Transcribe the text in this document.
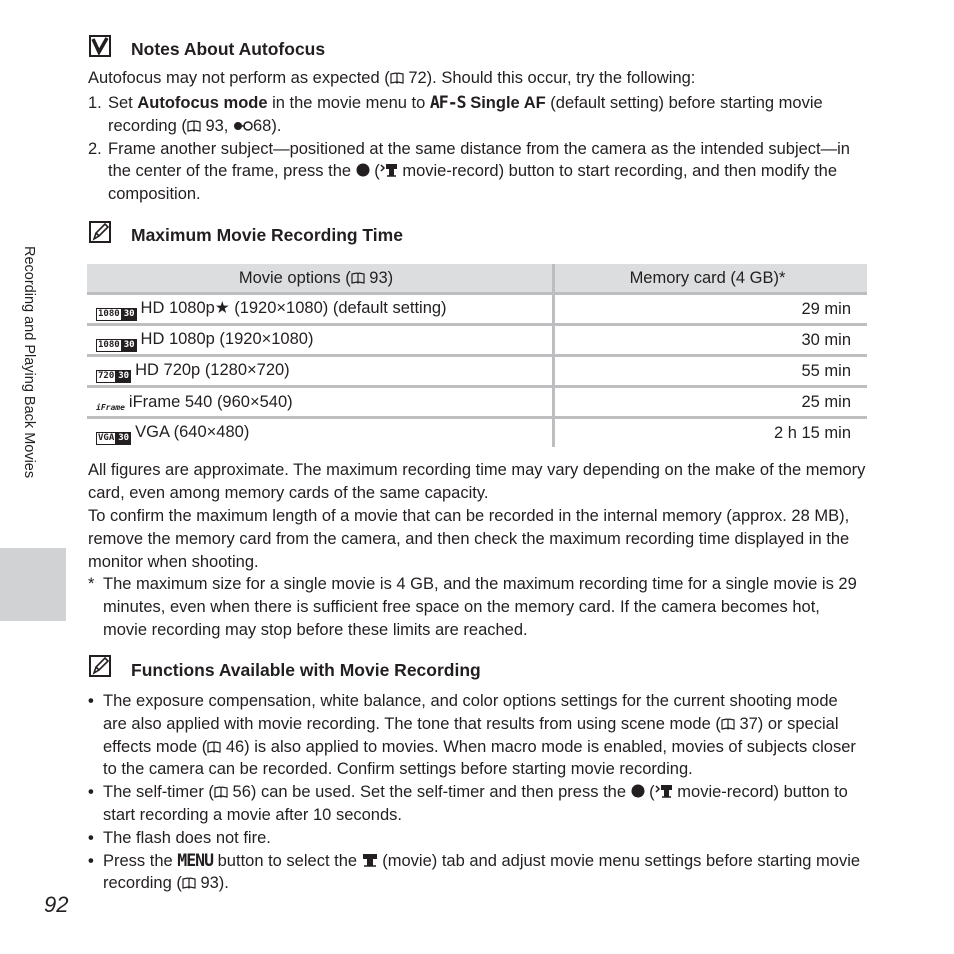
Recording and Playing Back Movies
Notes About Autofocus

Autofocus may not perform as expected ( 72). Should this occur, try the following:

1. Set Autofocus mode in the movie menu to AF-S Single AF (default setting) before starting movie recording ( 93, 68).
2. Frame another subject—positioned at the same distance from the camera as the intended subject—in the center of the frame, press the  ( movie-record) button to start recording, and then modify the composition.
Maximum Movie Recording Time
Movie options ( 93)	Memory card (4 GB)*
1080 30 HD 1080p★ (1920×1080) (default setting)	29 min
1080 30 HD 1080p (1920×1080)	30 min
720 30 HD 720p (1280×720)	55 min
iFrame iFrame 540 (960×540)	25 min
VGA 30 VGA (640×480)	2 h 15 min

All figures are approximate. The maximum recording time may vary depending on the make of the memory card, even among memory cards of the same capacity.

To confirm the maximum length of a movie that can be recorded in the internal memory (approx. 28 MB), remove the memory card from the camera, and then check the maximum recording time displayed in the monitor when shooting.

* The maximum size for a single movie is 4 GB, and the maximum recording time for a single movie is 29 minutes, even when there is sufficient free space on the memory card. If the camera becomes hot, movie recording may stop before these limits are reached.
Functions Available with Movie Recording
• The exposure compensation, white balance, and color options settings for the current shooting mode are also applied with movie recording. The tone that results from using scene mode ( 37) or special effects mode ( 46) is also applied to movies. When macro mode is enabled, movies of subjects closer to the camera can be recorded. Confirm settings before starting movie recording.
• The self-timer ( 56) can be used. Set the self-timer and then press the  ( movie-record) button to start recording a movie after 10 seconds.
• The flash does not fire.
• Press the MENU button to select the  (movie) tab and adjust movie menu settings before starting movie recording ( 93).
92
